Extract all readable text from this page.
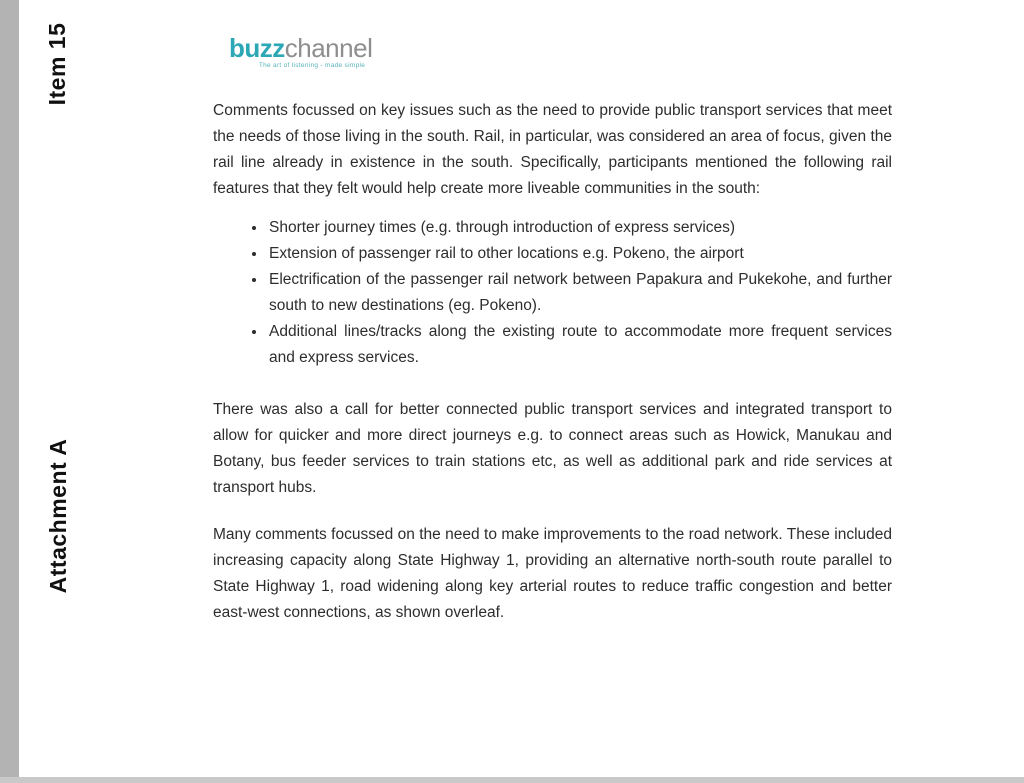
Item 15
Attachment A
buzzchannel
The art of listening - made simple

Comments focussed on key issues such as the need to provide public transport services that meet the needs of those living in the south. Rail, in particular, was considered an area of focus, given the rail line already in existence in the south. Specifically, participants mentioned the following rail features that they felt would help create more liveable communities in the south:

• Shorter journey times (e.g. through introduction of express services)
• Extension of passenger rail to other locations e.g. Pokeno, the airport
• Electrification of the passenger rail network between Papakura and Pukekohe, and further south to new destinations (eg. Pokeno).
• Additional lines/tracks along the existing route to accommodate more frequent services and express services.

There was also a call for better connected public transport services and integrated transport to allow for quicker and more direct journeys e.g. to connect areas such as Howick, Manukau and Botany, bus feeder services to train stations etc, as well as additional park and ride services at transport hubs.

Many comments focussed on the need to make improvements to the road network. These included increasing capacity along State Highway 1, providing an alternative north-south route parallel to State Highway 1, road widening along key arterial routes to reduce traffic congestion and better east-west connections, as shown overleaf.
